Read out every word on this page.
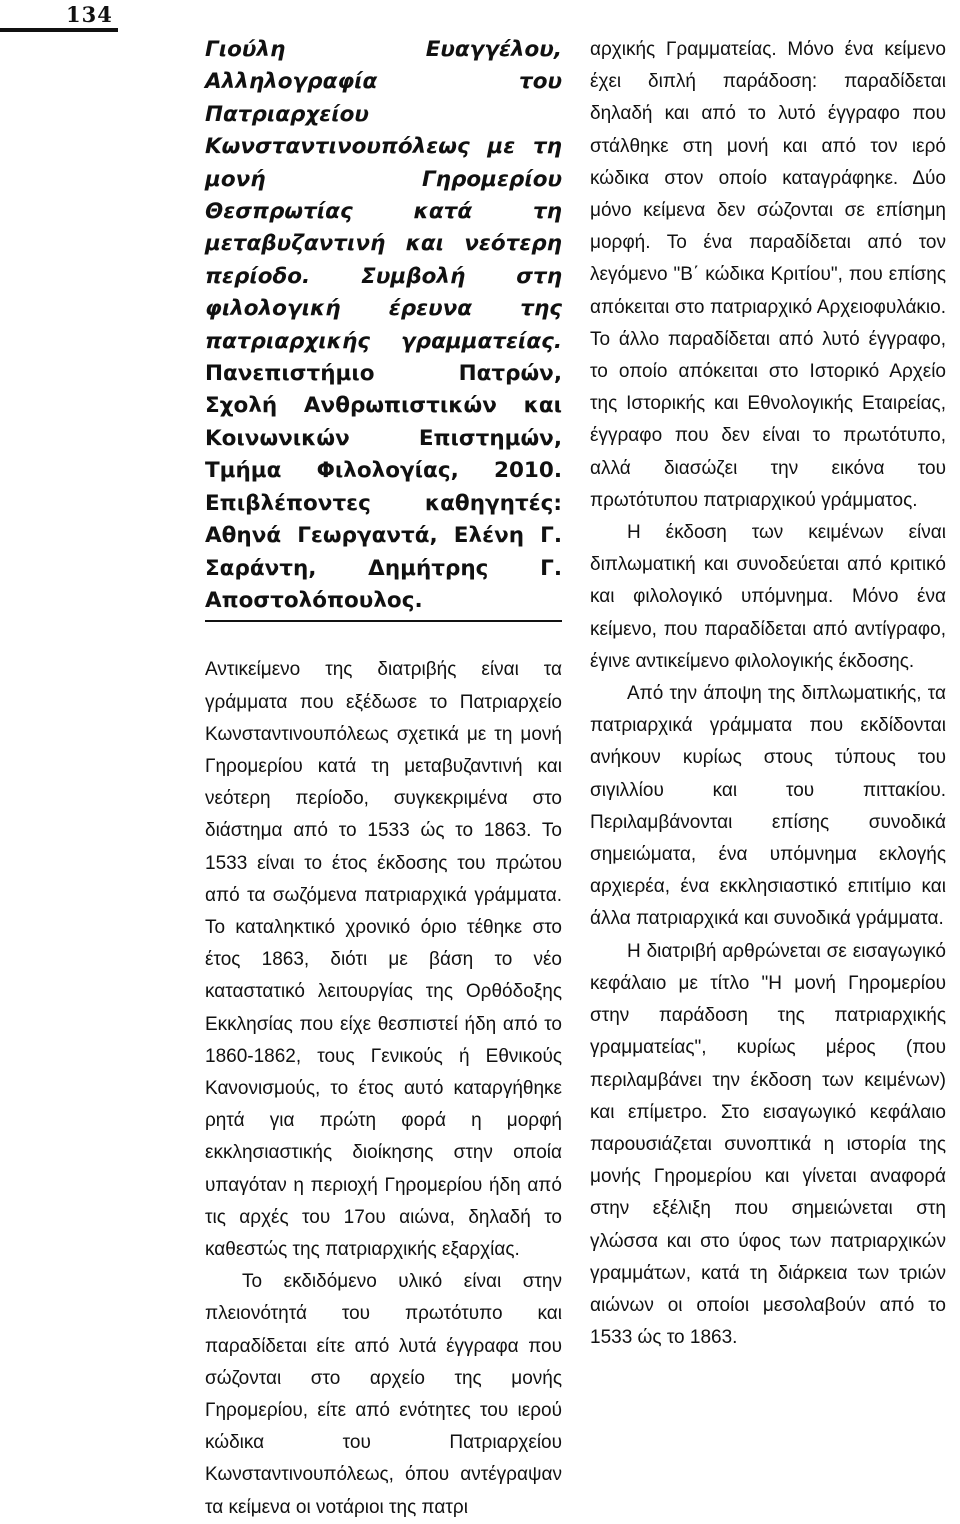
134

Γιούλη Ευαγγέλου, Αλληλογραφία του Πατριαρχείου Κωνσταντινουπόλεως με τη μονή Γηρομερίου Θεσπρωτίας κατά τη μεταβυζαντινή και νεότερη περίοδο. Συμβολή στη φιλολογική έρευνα της πατριαρχικής γραμματείας. Πανεπιστήμιο Πατρών, Σχολή Ανθρωπιστικών και Κοινωνικών Επιστημών, Τμήμα Φιλολογίας, 2010. Επιβλέποντες καθηγητές: Αθηνά Γεωργαντά, Ελένη Γ. Σαράντη, Δημήτρης Γ. Αποστολόπουλος.

Αντικείμενο της διατριβής είναι τα γράμματα που εξέδωσε το Πατριαρχείο Κωνσταντινουπόλεως σχετικά με τη μονή Γηρομερίου κατά τη μεταβυζαντινή και νεότερη περίοδο, συγκεκριμένα στο διάστημα από το 1533 ώς το 1863. Το 1533 είναι το έτος έκδοσης του πρώτου από τα σωζόμενα πατριαρχικά γράμματα. Το καταληκτικό χρονικό όριο τέθηκε στο έτος 1863, διότι με βάση το νέο καταστατικό λειτουργίας της Ορθόδοξης Εκκλησίας που είχε θεσπιστεί ήδη από το 1860-1862, τους Γενικούς ή Εθνικούς Κανονισμούς, το έτος αυτό καταργήθηκε ρητά για πρώτη φορά η μορφή εκκλησιαστικής διοίκησης στην οποία υπαγόταν η περιοχή Γηρομερίου ήδη από τις αρχές του 17ου αιώνα, δηλαδή το καθεστώς της πατριαρχικής εξαρχίας.

Το εκδιδόμενο υλικό είναι στην πλειονότητά του πρωτότυπο και παραδίδεται είτε από λυτά έγγραφα που σώζονται στο αρχείο της μονής Γηρομερίου, είτε από ενότητες του ιερού κώδικα του Πατριαρχείου Κωνσταντινουπόλεως, όπου αντέγραψαν τα κείμενα οι νοτάριοι της πατρι

αρχικής Γραμματείας. Μόνο ένα κείμενο έχει διπλή παράδοση: παραδίδεται δηλαδή και από το λυτό έγγραφο που στάλθηκε στη μονή και από τον ιερό κώδικα στον οποίο καταγράφηκε. Δύο μόνο κείμενα δεν σώζονται σε επίσημη μορφή. Το ένα παραδίδεται από τον λεγόμενο "Β΄ κώδικα Κριτίου", που επίσης απόκειται στο πατριαρχικό Αρχειοφυλάκιο. Το άλλο παραδίδεται από λυτό έγγραφο, το οποίο απόκειται στο Ιστορικό Αρχείο της Ιστορικής και Εθνολογικής Εταιρείας, έγγραφο που δεν είναι το πρωτότυπο, αλλά διασώζει την εικόνα του πρωτότυπου πατριαρχικού γράμματος.

Η έκδοση των κειμένων είναι διπλωματική και συνοδεύεται από κριτικό και φιλολογικό υπόμνημα. Μόνο ένα κείμενο, που παραδίδεται από αντίγραφο, έγινε αντικείμενο φιλολογικής έκδοσης.

Από την άποψη της διπλωματικής, τα πατριαρχικά γράμματα που εκδίδονται ανήκουν κυρίως στους τύπους του σιγιλλίου και του πιττακίου. Περιλαμβάνονται επίσης συνοδικά σημειώματα, ένα υπόμνημα εκλογής αρχιερέα, ένα εκκλησιαστικό επιτίμιο και άλλα πατριαρχικά και συνοδικά γράμματα.

Η διατριβή αρθρώνεται σε εισαγωγικό κεφάλαιο με τίτλο "Η μονή Γηρομερίου στην παράδοση της πατριαρχικής γραμματείας", κυρίως μέρος (που περιλαμβάνει την έκδοση των κειμένων) και επίμετρο. Στο εισαγωγικό κεφάλαιο παρουσιάζεται συνοπτικά η ιστορία της μονής Γηρομερίου και γίνεται αναφορά στην εξέλιξη που σημειώνεται στη γλώσσα και στο ύφος των πατριαρχικών γραμμάτων, κατά τη διάρκεια των τριών αιώνων οι οποίοι μεσολαβούν από το 1533 ώς το 1863.
